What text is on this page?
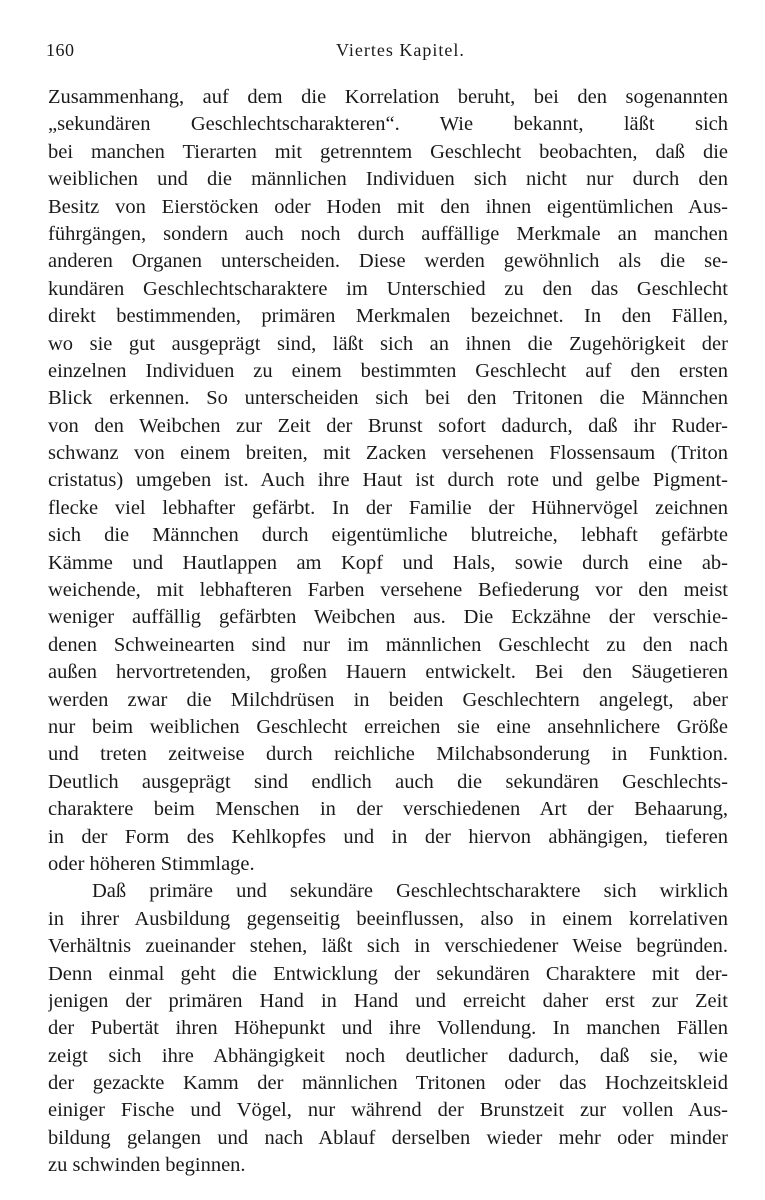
160	Viertes Kapitel.
Zusammenhang, auf dem die Korrelation beruht, bei den sogenannten
„sekundären Geschlechtscharakteren“. Wie bekannt, läßt sich
bei manchen Tierarten mit getrenntem Geschlecht beobachten, daß die
weiblichen und die männlichen Individuen sich nicht nur durch den
Besitz von Eierstöcken oder Hoden mit den ihnen eigentümlichen Aus-
führgängen, sondern auch noch durch auffällige Merkmale an manchen
anderen Organen unterscheiden. Diese werden gewöhnlich als die se-
kundären Geschlechtscharaktere im Unterschied zu den das Geschlecht
direkt bestimmenden, primären Merkmalen bezeichnet. In den Fällen,
wo sie gut ausgeprägt sind, läßt sich an ihnen die Zugehörigkeit der
einzelnen Individuen zu einem bestimmten Geschlecht auf den ersten
Blick erkennen. So unterscheiden sich bei den Tritonen die Männchen
von den Weibchen zur Zeit der Brunst sofort dadurch, daß ihr Ruder-
schwanz von einem breiten, mit Zacken versehenen Flossensaum (Triton
cristatus) umgeben ist. Auch ihre Haut ist durch rote und gelbe Pigment-
flecke viel lebhafter gefärbt. In der Familie der Hühnervögel zeichnen
sich die Männchen durch eigentümliche blutreiche, lebhaft gefärbte
Kämme und Hautlappen am Kopf und Hals, sowie durch eine ab-
weichende, mit lebhafteren Farben versehene Befiederung vor den meist
weniger auffällig gefärbten Weibchen aus. Die Eckzähne der verschie-
denen Schweinearten sind nur im männlichen Geschlecht zu den nach
außen hervortretenden, großen Hauern entwickelt. Bei den Säugetieren
werden zwar die Milchdrüsen in beiden Geschlechtern angelegt, aber
nur beim weiblichen Geschlecht erreichen sie eine ansehnlichere Größe
und treten zeitweise durch reichliche Milchabsonderung in Funktion.
Deutlich ausgeprägt sind endlich auch die sekundären Geschlechts-
charaktere beim Menschen in der verschiedenen Art der Behaarung,
in der Form des Kehlkopfes und in der hiervon abhängigen, tieferen
oder höheren Stimmlage.
Daß primäre und sekundäre Geschlechtscharaktere sich wirklich
in ihrer Ausbildung gegenseitig beeinflussen, also in einem korrelativen
Verhältnis zueinander stehen, läßt sich in verschiedener Weise begründen.
Denn einmal geht die Entwicklung der sekundären Charaktere mit der-
jenigen der primären Hand in Hand und erreicht daher erst zur Zeit
der Pubertät ihren Höhepunkt und ihre Vollendung. In manchen Fällen
zeigt sich ihre Abhängigkeit noch deutlicher dadurch, daß sie, wie
der gezackte Kamm der männlichen Tritonen oder das Hochzeitskleid
einiger Fische und Vögel, nur während der Brunstzeit zur vollen Aus-
bildung gelangen und nach Ablauf derselben wieder mehr oder minder
zu schwinden beginnen.
